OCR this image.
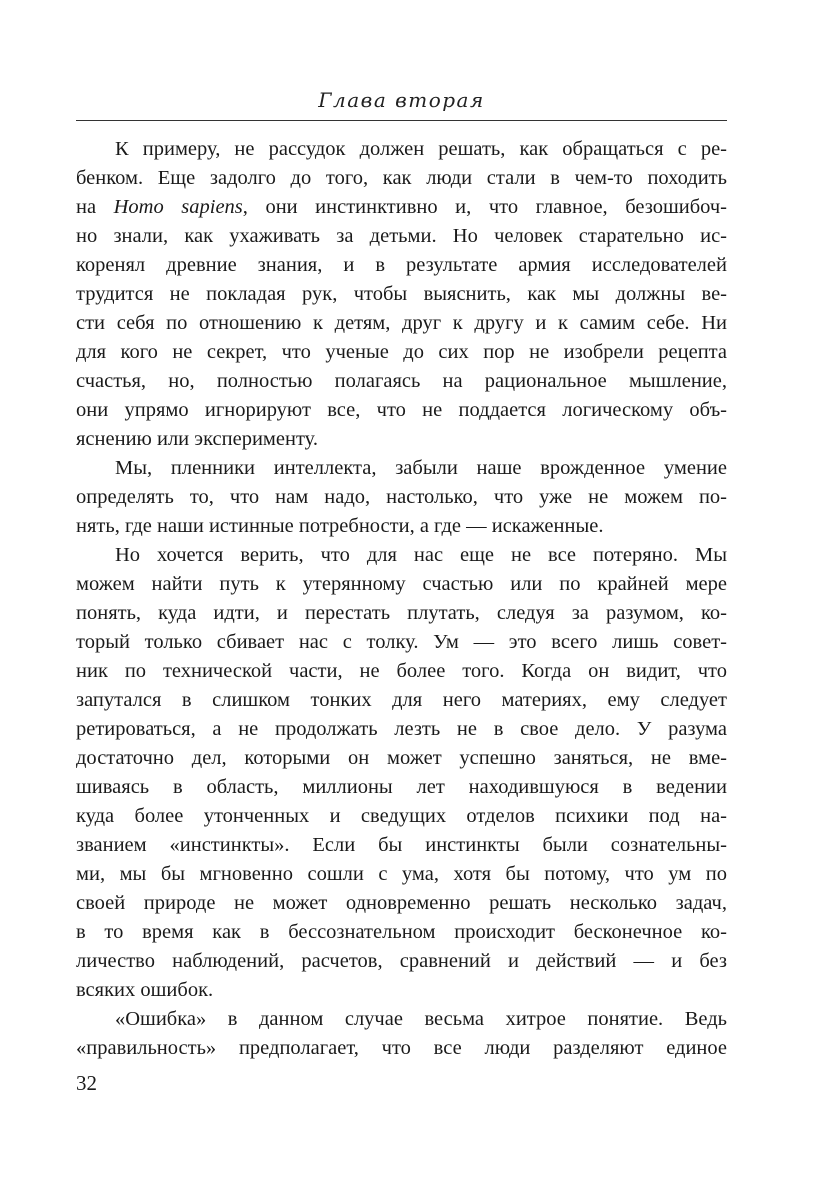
Глава вторая
К примеру, не рассудок должен решать, как обращаться с ре-
бенком. Еще задолго до того, как люди стали в чем-то походить
на Homo sapiens, они инстинктивно и, что главное, безошибоч-
но знали, как ухаживать за детьми. Но человек старательно ис-
коренял древние знания, и в результате армия исследователей
трудится не покладая рук, чтобы выяснить, как мы должны ве-
сти себя по отношению к детям, друг к другу и к самим себе. Ни
для кого не секрет, что ученые до сих пор не изобрели рецепта
счастья, но, полностью полагаясь на рациональное мышление,
они упрямо игнорируют все, что не поддается логическому объ-
яснению или эксперименту.
Мы, пленники интеллекта, забыли наше врожденное умение
определять то, что нам надо, настолько, что уже не можем по-
нять, где наши истинные потребности, а где — искаженные.
Но хочется верить, что для нас еще не все потеряно. Мы
можем найти путь к утерянному счастью или по крайней мере
понять, куда идти, и перестать плутать, следуя за разумом, ко-
торый только сбивает нас с толку. Ум — это всего лишь совет-
ник по технической части, не более того. Когда он видит, что
запутался в слишком тонких для него материях, ему следует
ретироваться, а не продолжать лезть не в свое дело. У разума
достаточно дел, которыми он может успешно заняться, не вме-
шиваясь в область, миллионы лет находившуюся в ведении
куда более утонченных и сведущих отделов психики под на-
званием «инстинкты». Если бы инстинкты были сознательны-
ми, мы бы мгновенно сошли с ума, хотя бы потому, что ум по
своей природе не может одновременно решать несколько задач,
в то время как в бессознательном происходит бесконечное ко-
личество наблюдений, расчетов, сравнений и действий — и без
всяких ошибок.
«Ошибка» в данном случае весьма хитрое понятие. Ведь
«правильность» предполагает, что все люди разделяют единое
32
